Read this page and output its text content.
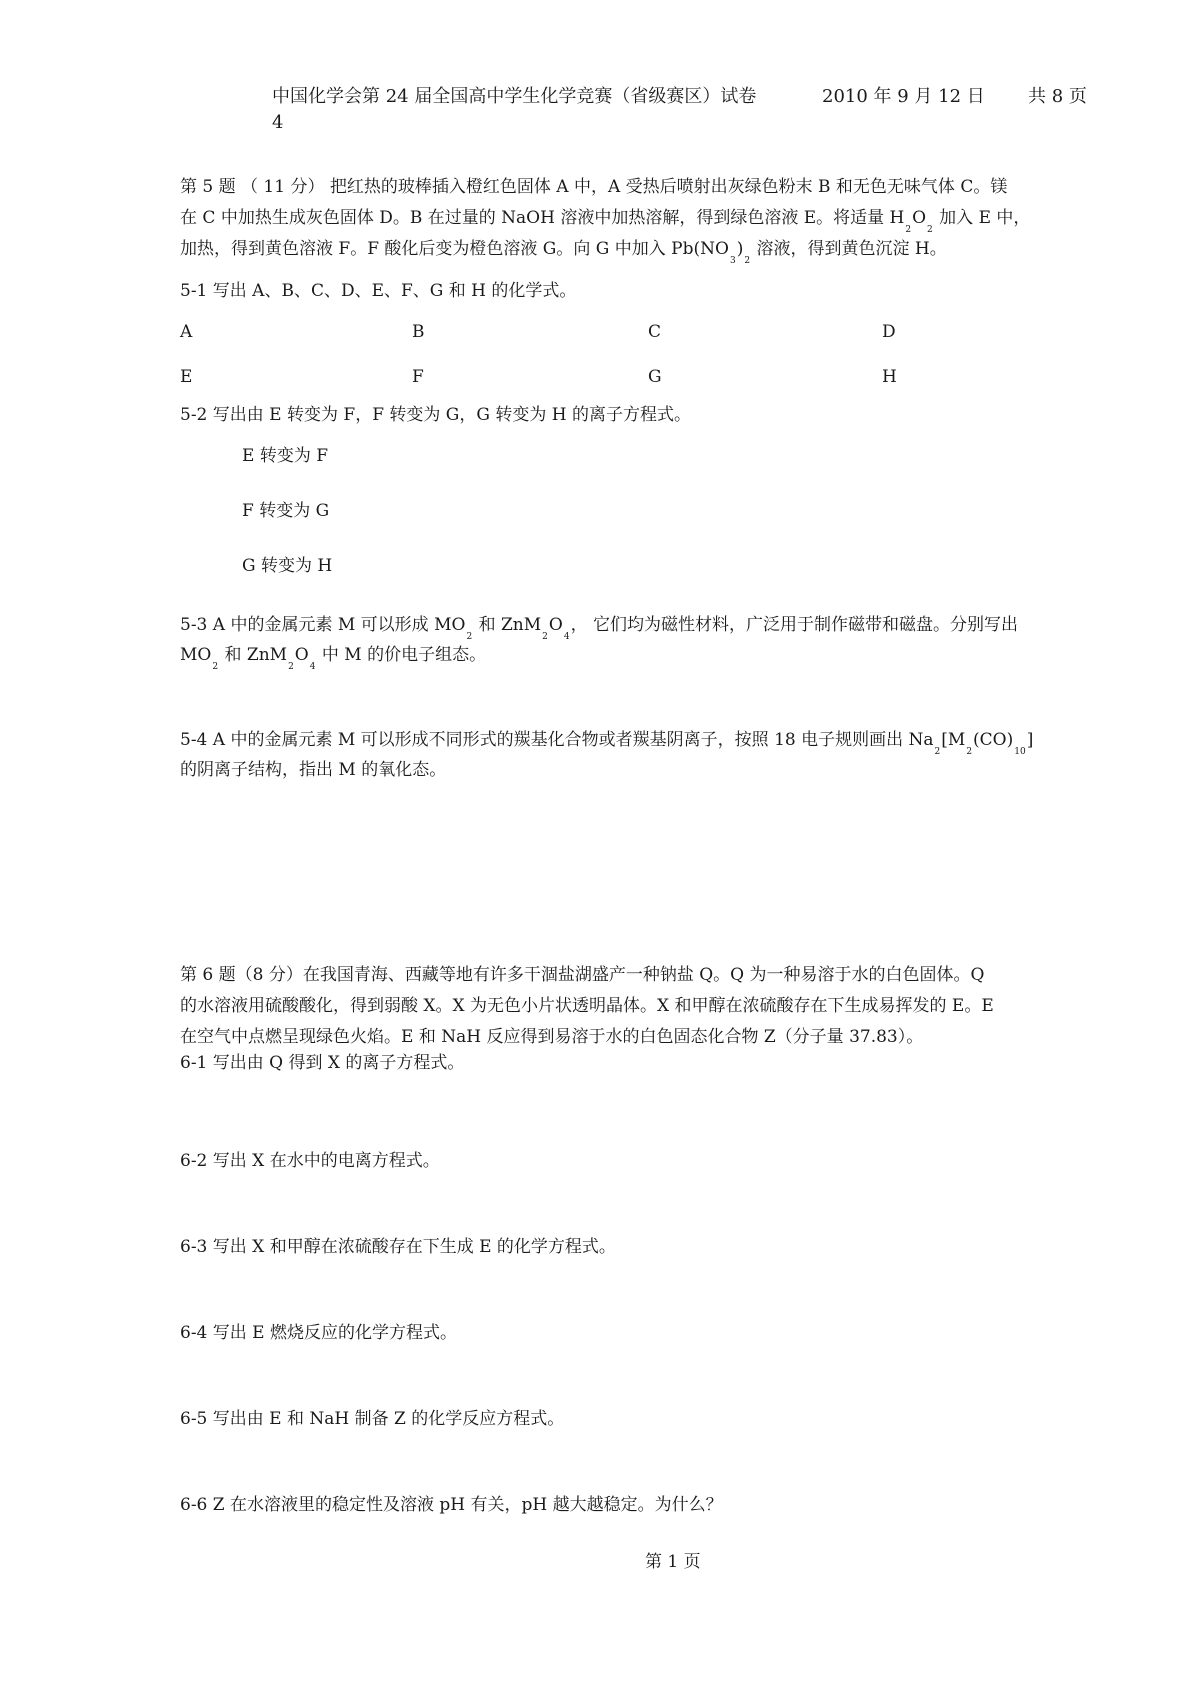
中国化学会第 24 届全国高中学生化学竞赛（省级赛区）试卷	2010 年 9 月 12 日 共 8 页
4
第 5 题 （ 11 分） 把红热的玻棒插入橙红色固体 A 中，A 受热后喷射出灰绿色粉末 B 和无色无味气体 C。镁
在 C 中加热生成灰色固体 D。B 在过量的 NaOH 溶液中加热溶解，得到绿色溶液 E。将适量 $H_2O_2$ 加入 E 中，
加热，得到黄色溶液 F。F 酸化后变为橙色溶液 G。向 G 中加入 $Pb(NO_3)_2$ 溶液，得到黄色沉淀 H。
5-1 写出 A、B、C、D、E、F、G 和 H 的化学式。
A	B	C	D
E	F	G	H
5-2 写出由 E 转变为 F，F 转变为 G，G 转变为 H 的离子方程式。
E 转变为 F
F 转变为 G
G 转变为 H
5-3 A 中的金属元素 M 可以形成 $MO_2$ 和 $ZnM_2O_4$， 它们均为磁性材料，广泛用于制作磁带和磁盘。分别写出
$MO_2$ 和 $ZnM_2O_4$ 中 M 的价电子组态。
5-4 A 中的金属元素 M 可以形成不同形式的羰基化合物或者羰基阴离子，按照 18 电子规则画出 $Na_2[M_2(CO)_{10}]$
的阴离子结构，指出 M 的氧化态。
第 6 题（8 分）在我国青海、西藏等地有许多干涸盐湖盛产一种钠盐 Q。Q 为一种易溶于水的白色固体。Q
的水溶液用硫酸酸化，得到弱酸 X。X 为无色小片状透明晶体。X 和甲醇在浓硫酸存在下生成易挥发的 E。E
在空气中点燃呈现绿色火焰。E 和 NaH 反应得到易溶于水的白色固态化合物 Z（分子量 37.83）。
6-1 写出由 Q 得到 X 的离子方程式。
6-2 写出 X 在水中的电离方程式。
6-3 写出 X 和甲醇在浓硫酸存在下生成 E 的化学方程式。
6-4 写出 E 燃烧反应的化学方程式。
6-5 写出由 E 和 NaH 制备 Z 的化学反应方程式。
6-6 Z 在水溶液里的稳定性及溶液 pH 有关，pH 越大越稳定。为什么？
第 1 页
